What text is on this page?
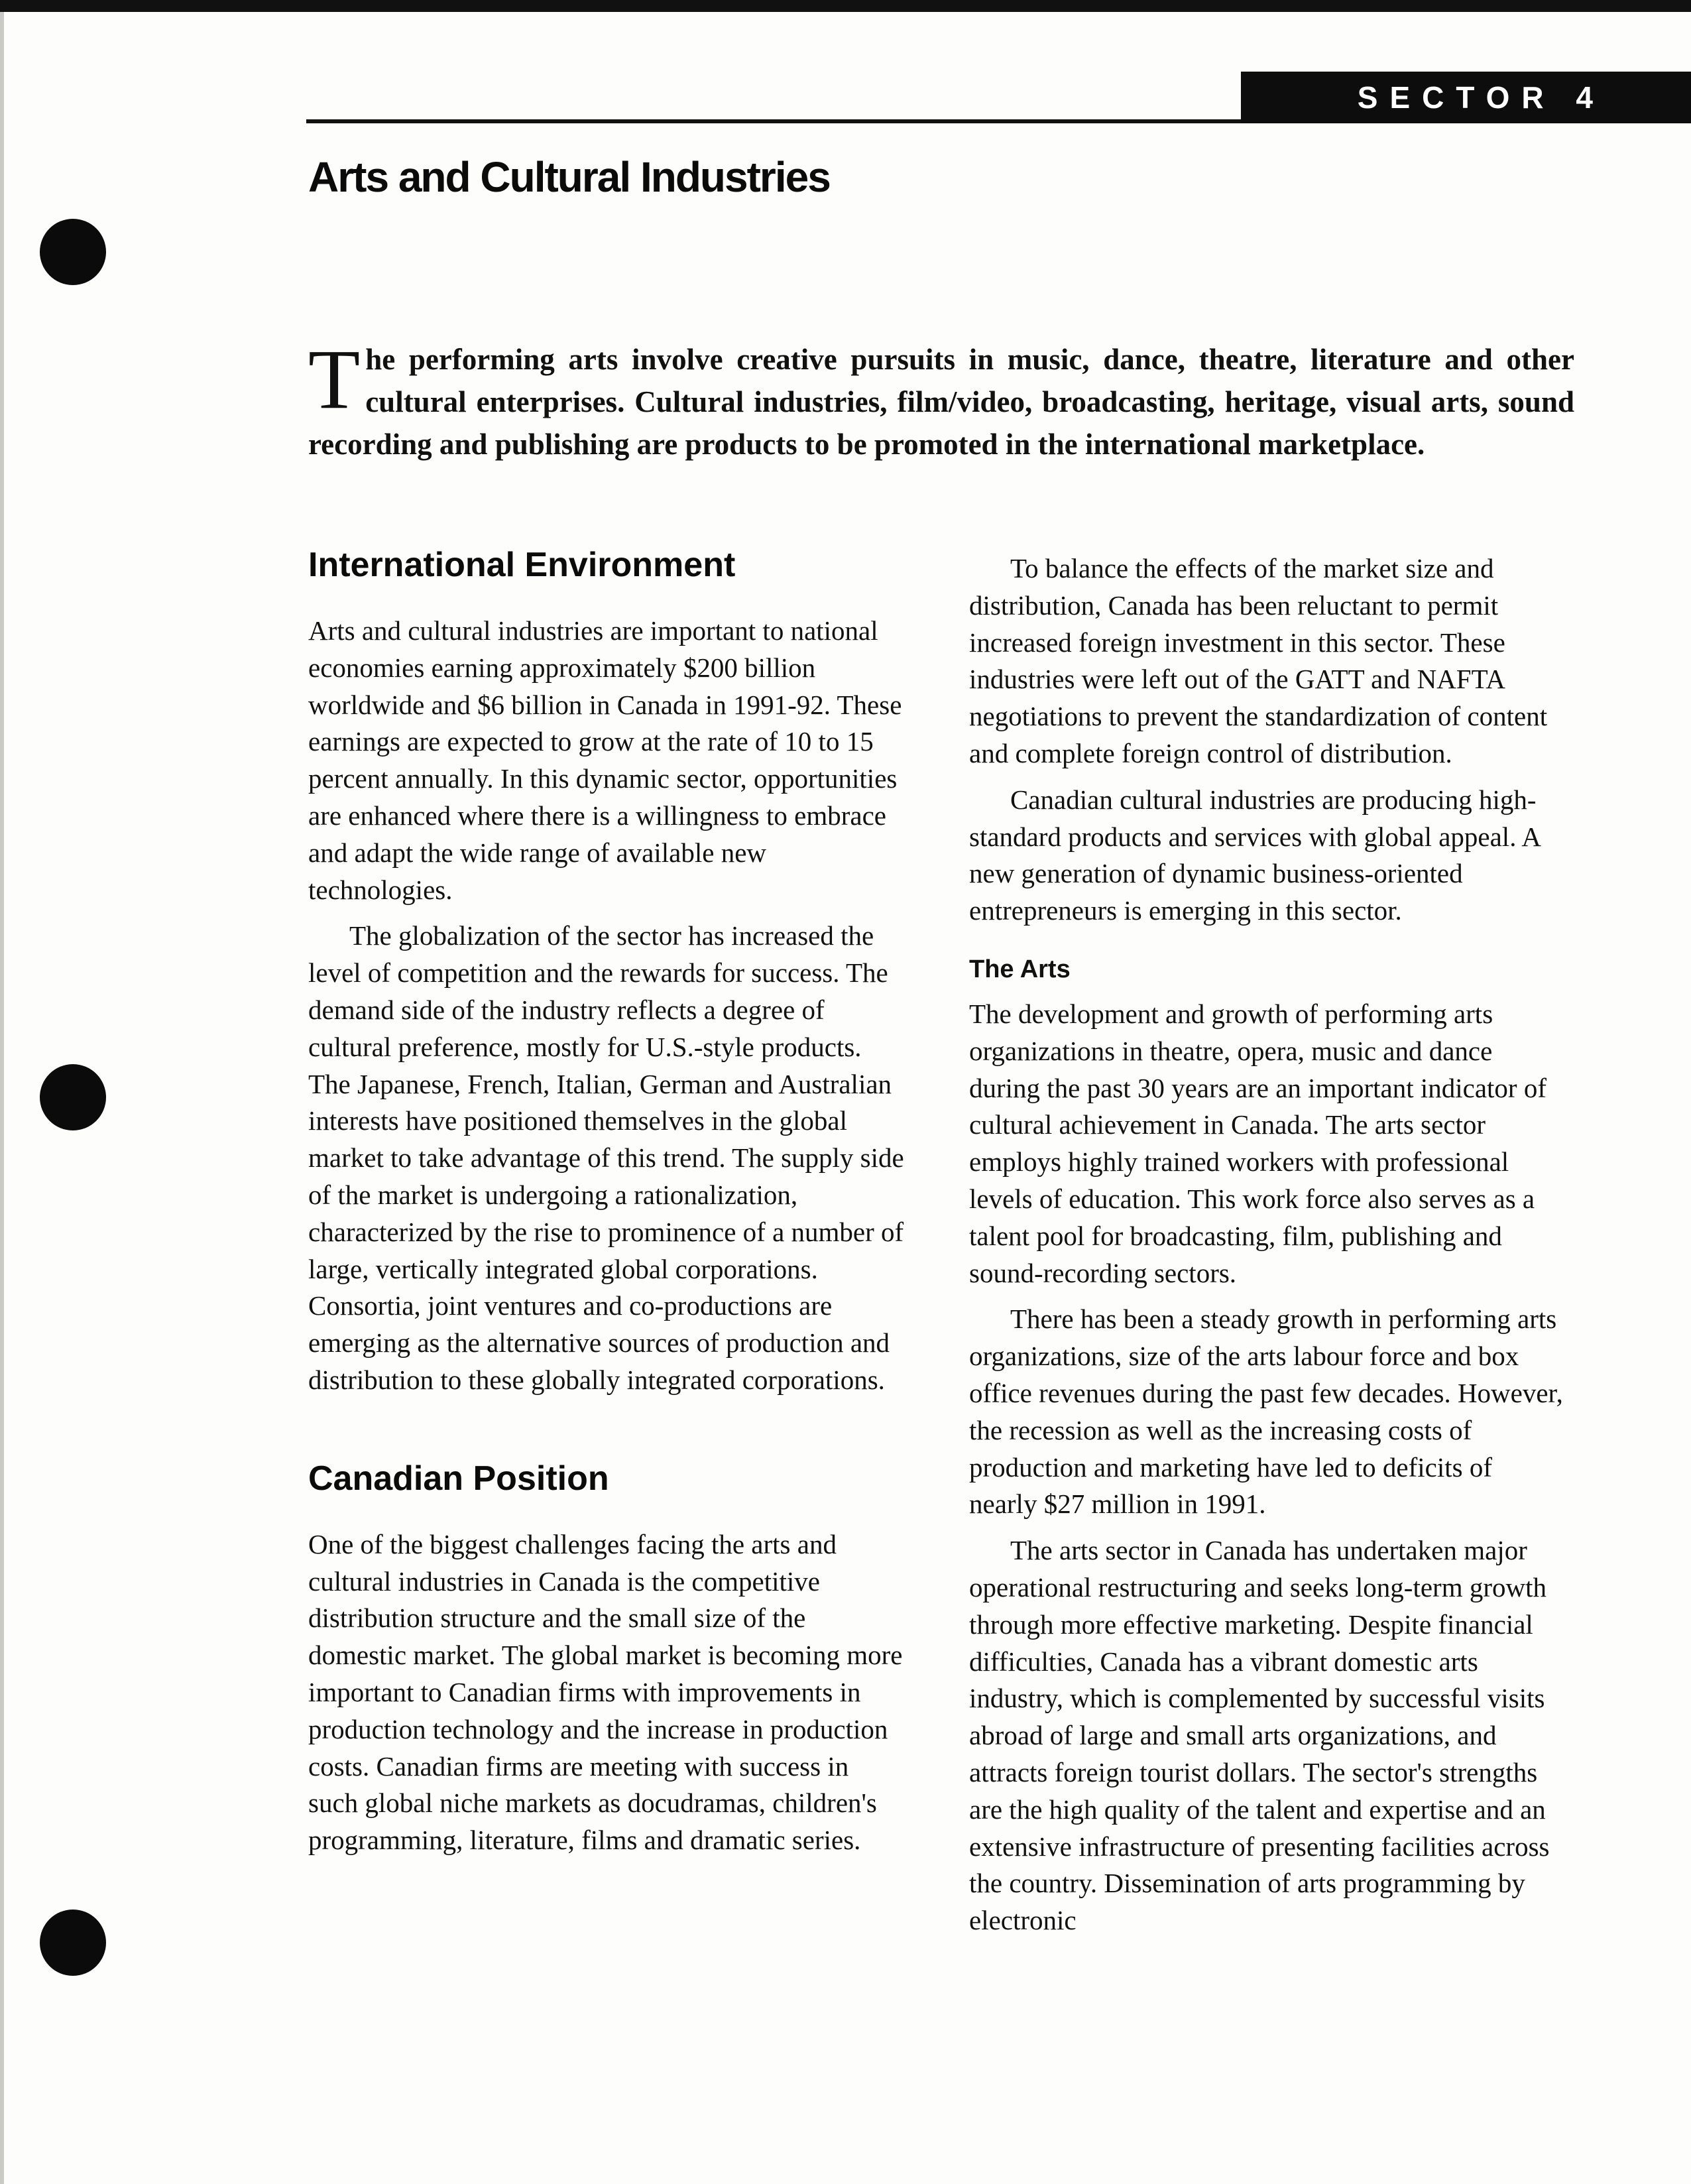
SECTOR 4
Arts and Cultural Industries

The performing arts involve creative pursuits in music, dance, theatre, literature and other cultural enterprises. Cultural industries, film/video, broadcasting, heritage, visual arts, sound recording and publishing are products to be promoted in the international marketplace.

International Environment

Arts and cultural industries are important to national economies earning approximately $200 billion worldwide and $6 billion in Canada in 1991-92. These earnings are expected to grow at the rate of 10 to 15 percent annually. In this dynamic sector, opportunities are enhanced where there is a willingness to embrace and adapt the wide range of available new technologies.

The globalization of the sector has increased the level of competition and the rewards for success. The demand side of the industry reflects a degree of cultural preference, mostly for U.S.-style products. The Japanese, French, Italian, German and Australian interests have positioned themselves in the global market to take advantage of this trend. The supply side of the market is undergoing a rationalization, characterized by the rise to prominence of a number of large, vertically integrated global corporations. Consortia, joint ventures and co-productions are emerging as the alternative sources of production and distribution to these globally integrated corporations.

Canadian Position

One of the biggest challenges facing the arts and cultural industries in Canada is the competitive distribution structure and the small size of the domestic market. The global market is becoming more important to Canadian firms with improvements in production technology and the increase in production costs. Canadian firms are meeting with success in such global niche markets as docudramas, children's programming, literature, films and dramatic series.

To balance the effects of the market size and distribution, Canada has been reluctant to permit increased foreign investment in this sector. These industries were left out of the GATT and NAFTA negotiations to prevent the standardization of content and complete foreign control of distribution.

Canadian cultural industries are producing high-standard products and services with global appeal. A new generation of dynamic business-oriented entrepreneurs is emerging in this sector.

The Arts

The development and growth of performing arts organizations in theatre, opera, music and dance during the past 30 years are an important indicator of cultural achievement in Canada. The arts sector employs highly trained workers with professional levels of education. This work force also serves as a talent pool for broadcasting, film, publishing and sound-recording sectors.

There has been a steady growth in performing arts organizations, size of the arts labour force and box office revenues during the past few decades. However, the recession as well as the increasing costs of production and marketing have led to deficits of nearly $27 million in 1991.

The arts sector in Canada has undertaken major operational restructuring and seeks long-term growth through more effective marketing. Despite financial difficulties, Canada has a vibrant domestic arts industry, which is complemented by successful visits abroad of large and small arts organizations, and attracts foreign tourist dollars. The sector's strengths are the high quality of the talent and expertise and an extensive infrastructure of presenting facilities across the country. Dissemination of arts programming by electronic
